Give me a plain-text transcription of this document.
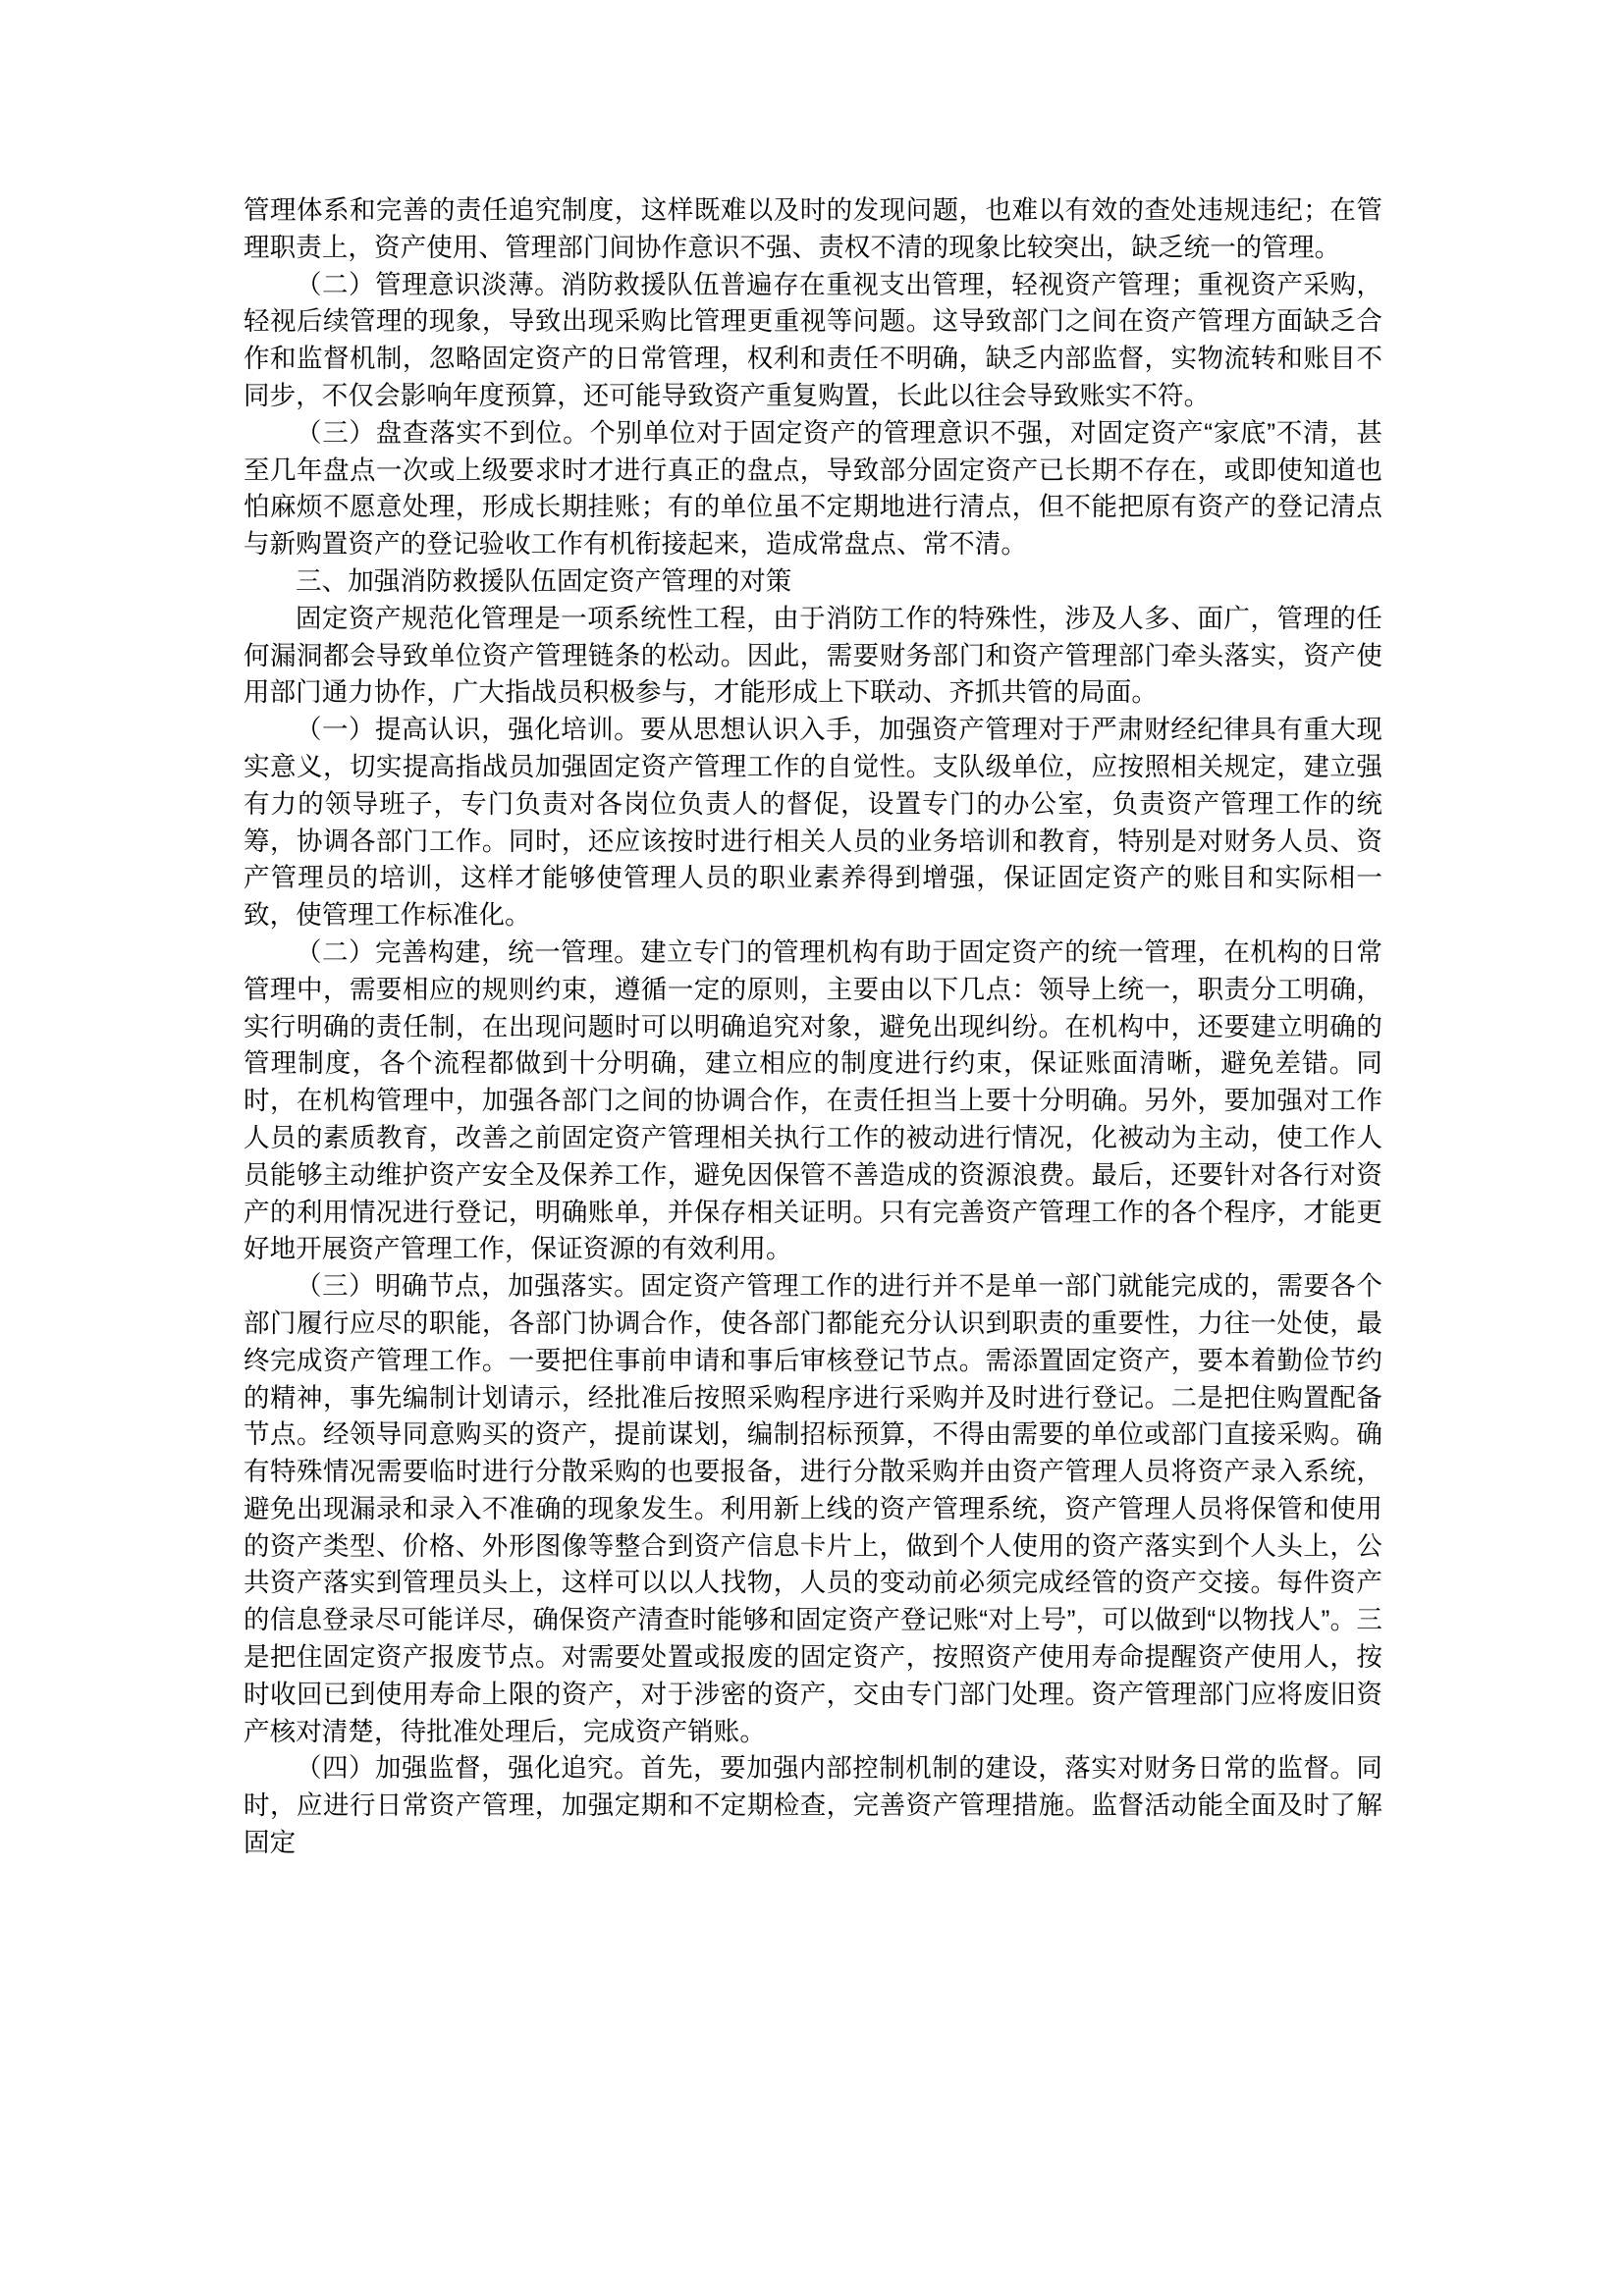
管理体系和完善的责任追究制度，这样既难以及时的发现问题，也难以有效的查处违规违纪；在管理职责上，资产使用、管理部门间协作意识不强、责权不清的现象比较突出，缺乏统一的管理。

（二）管理意识淡薄。消防救援队伍普遍存在重视支出管理，轻视资产管理；重视资产采购，轻视后续管理的现象，导致出现采购比管理更重视等问题。这导致部门之间在资产管理方面缺乏合作和监督机制，忽略固定资产的日常管理，权利和责任不明确，缺乏内部监督，实物流转和账目不同步，不仅会影响年度预算，还可能导致资产重复购置，长此以往会导致账实不符。

（三）盘查落实不到位。个别单位对于固定资产的管理意识不强，对固定资产“家底”不清，甚至几年盘点一次或上级要求时才进行真正的盘点，导致部分固定资产已长期不存在，或即使知道也怕麻烦不愿意处理，形成长期挂账；有的单位虽不定期地进行清点，但不能把原有资产的登记清点与新购置资产的登记验收工作有机衔接起来，造成常盘点、常不清。

三、加强消防救援队伍固定资产管理的对策

固定资产规范化管理是一项系统性工程，由于消防工作的特殊性，涉及人多、面广，管理的任何漏洞都会导致单位资产管理链条的松动。因此，需要财务部门和资产管理部门牵头落实，资产使用部门通力协作，广大指战员积极参与，才能形成上下联动、齐抓共管的局面。

（一）提高认识，强化培训。要从思想认识入手，加强资产管理对于严肃财经纪律具有重大现实意义，切实提高指战员加强固定资产管理工作的自觉性。支队级单位，应按照相关规定，建立强有力的领导班子，专门负责对各岗位负责人的督促，设置专门的办公室，负责资产管理工作的统筹，协调各部门工作。同时，还应该按时进行相关人员的业务培训和教育，特别是对财务人员、资产管理员的培训，这样才能够使管理人员的职业素养得到增强，保证固定资产的账目和实际相一致，使管理工作标准化。

（二）完善构建，统一管理。建立专门的管理机构有助于固定资产的统一管理，在机构的日常管理中，需要相应的规则约束，遵循一定的原则，主要由以下几点：领导上统一，职责分工明确，实行明确的责任制，在出现问题时可以明确追究对象，避免出现纠纷。在机构中，还要建立明确的管理制度，各个流程都做到十分明确，建立相应的制度进行约束，保证账面清晰，避免差错。同时，在机构管理中，加强各部门之间的协调合作，在责任担当上要十分明确。另外，要加强对工作人员的素质教育，改善之前固定资产管理相关执行工作的被动进行情况，化被动为主动，使工作人员能够主动维护资产安全及保养工作，避免因保管不善造成的资源浪费。最后，还要针对各行对资产的利用情况进行登记，明确账单，并保存相关证明。只有完善资产管理工作的各个程序，才能更好地开展资产管理工作，保证资源的有效利用。

（三）明确节点，加强落实。固定资产管理工作的进行并不是单一部门就能完成的，需要各个部门履行应尽的职能，各部门协调合作，使各部门都能充分认识到职责的重要性，力往一处使，最终完成资产管理工作。一要把住事前申请和事后审核登记节点。需添置固定资产，要本着勤俭节约的精神，事先编制计划请示，经批准后按照采购程序进行采购并及时进行登记。二是把住购置配备节点。经领导同意购买的资产，提前谋划，编制招标预算，不得由需要的单位或部门直接采购。确有特殊情况需要临时进行分散采购的也要报备，进行分散采购并由资产管理人员将资产录入系统，避免出现漏录和录入不准确的现象发生。利用新上线的资产管理系统，资产管理人员将保管和使用的资产类型、价格、外形图像等整合到资产信息卡片上，做到个人使用的资产落实到个人头上，公共资产落实到管理员头上，这样可以以人找物，人员的变动前必须完成经管的资产交接。每件资产的信息登录尽可能详尽，确保资产清查时能够和固定资产登记账“对上号”，可以做到“以物找人”。三是把住固定资产报废节点。对需要处置或报废的固定资产，按照资产使用寿命提醒资产使用人，按时收回已到使用寿命上限的资产，对于涉密的资产，交由专门部门处理。资产管理部门应将废旧资产核对清楚，待批准处理后，完成资产销账。

（四）加强监督，强化追究。首先，要加强内部控制机制的建设，落实对财务日常的监督。同时，应进行日常资产管理，加强定期和不定期检查，完善资产管理措施。监督活动能全面及时了解固定
